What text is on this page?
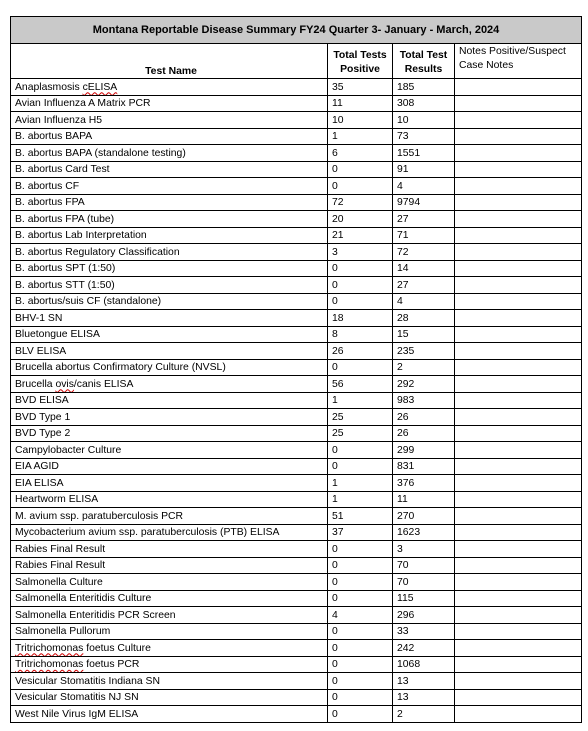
Montana Reportable Disease Summary FY24 Quarter 3- January - March, 2024			
Test Name	Total Tests Positive	Total Test Results	Notes Positive/Suspect Case Notes
Anaplasmosis cELISA	35	185	
Avian Influenza A Matrix PCR	11	308	
Avian Influenza H5	10	10	
B. abortus BAPA	1	73	
B. abortus BAPA (standalone testing)	6	1551	
B. abortus Card Test	0	91	
B. abortus CF	0	4	
B. abortus FPA	72	9794	
B. abortus FPA (tube)	20	27	
B. abortus Lab Interpretation	21	71	
B. abortus Regulatory Classification	3	72	
B. abortus SPT (1:50)	0	14	
B. abortus STT (1:50)	0	27	
B. abortus/suis CF (standalone)	0	4	
BHV-1 SN	18	28	
Bluetongue ELISA	8	15	
BLV ELISA	26	235	
Brucella abortus Confirmatory Culture (NVSL)	0	2	
Brucella ovis/canis ELISA	56	292	
BVD ELISA	1	983	
BVD Type 1	25	26	
BVD Type 2	25	26	
Campylobacter Culture	0	299	
EIA AGID	0	831	
EIA ELISA	1	376	
Heartworm ELISA	1	11	
M. avium ssp. paratuberculosis PCR	51	270	
Mycobacterium avium ssp. paratuberculosis (PTB) ELISA	37	1623	
Rabies Final Result	0	3	
Rabies Final Result	0	70	
Salmonella Culture	0	70	
Salmonella Enteritidis Culture	0	115	
Salmonella Enteritidis PCR Screen	4	296	
Salmonella Pullorum	0	33	
Tritrichomonas foetus Culture	0	242	
Tritrichomonas foetus PCR	0	1068	
Vesicular Stomatitis Indiana SN	0	13	
Vesicular Stomatitis NJ SN	0	13	
West Nile Virus IgM ELISA	0	2	
